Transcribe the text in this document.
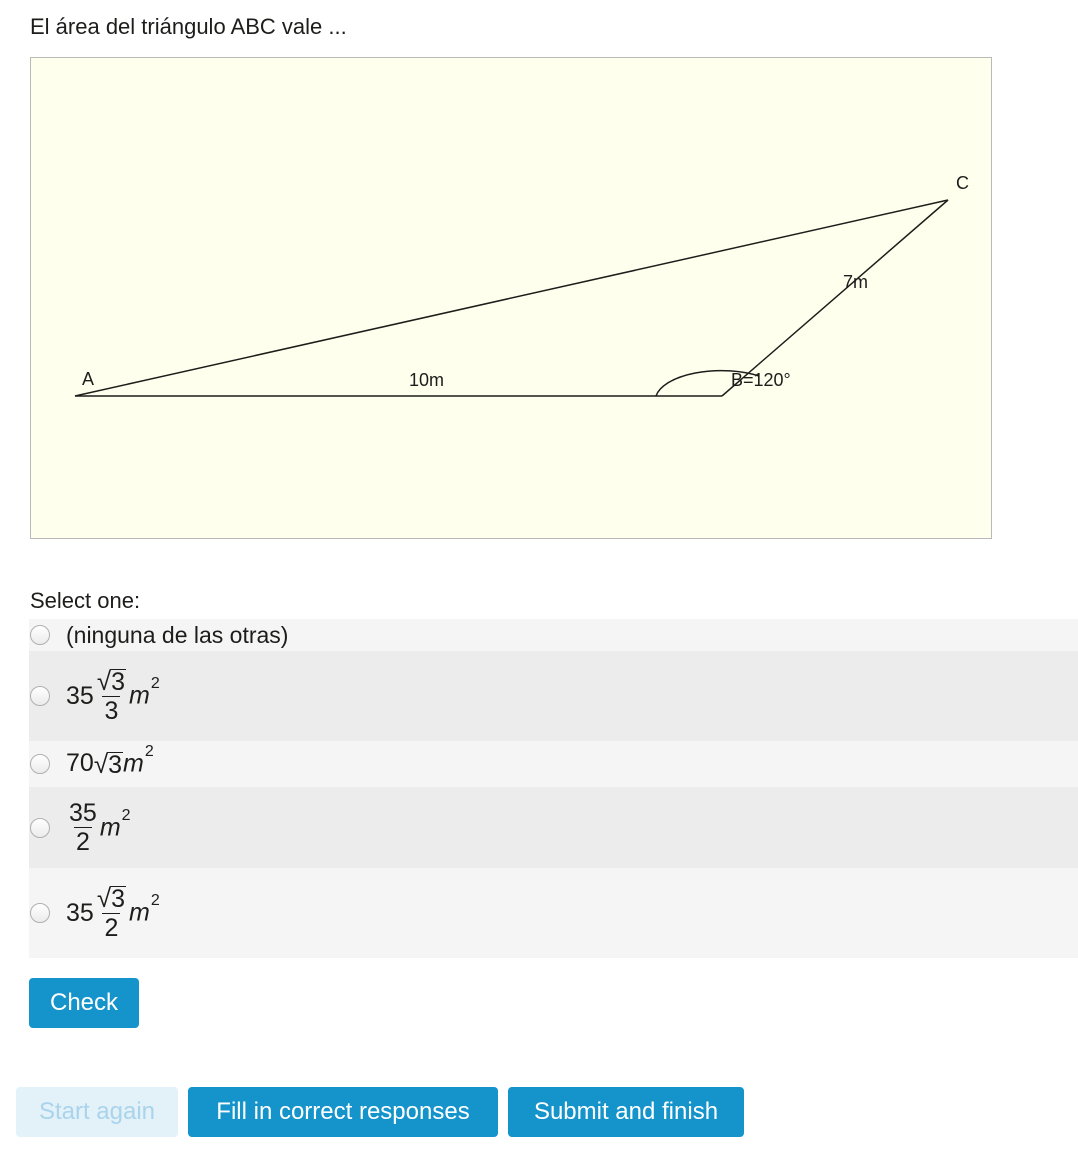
El área del triángulo ABC vale ...
A
C
10m
7m
B=120°
Select one:
(ninguna de las otras)
$35 \frac{√ 3}{3} m^2$
70 √ 3 $m^2$
$\frac{35}{2} m^2$
$35 \frac{√ 3}{2} m^2$
Check
Start again	Fill in correct responses	Submit and finish
